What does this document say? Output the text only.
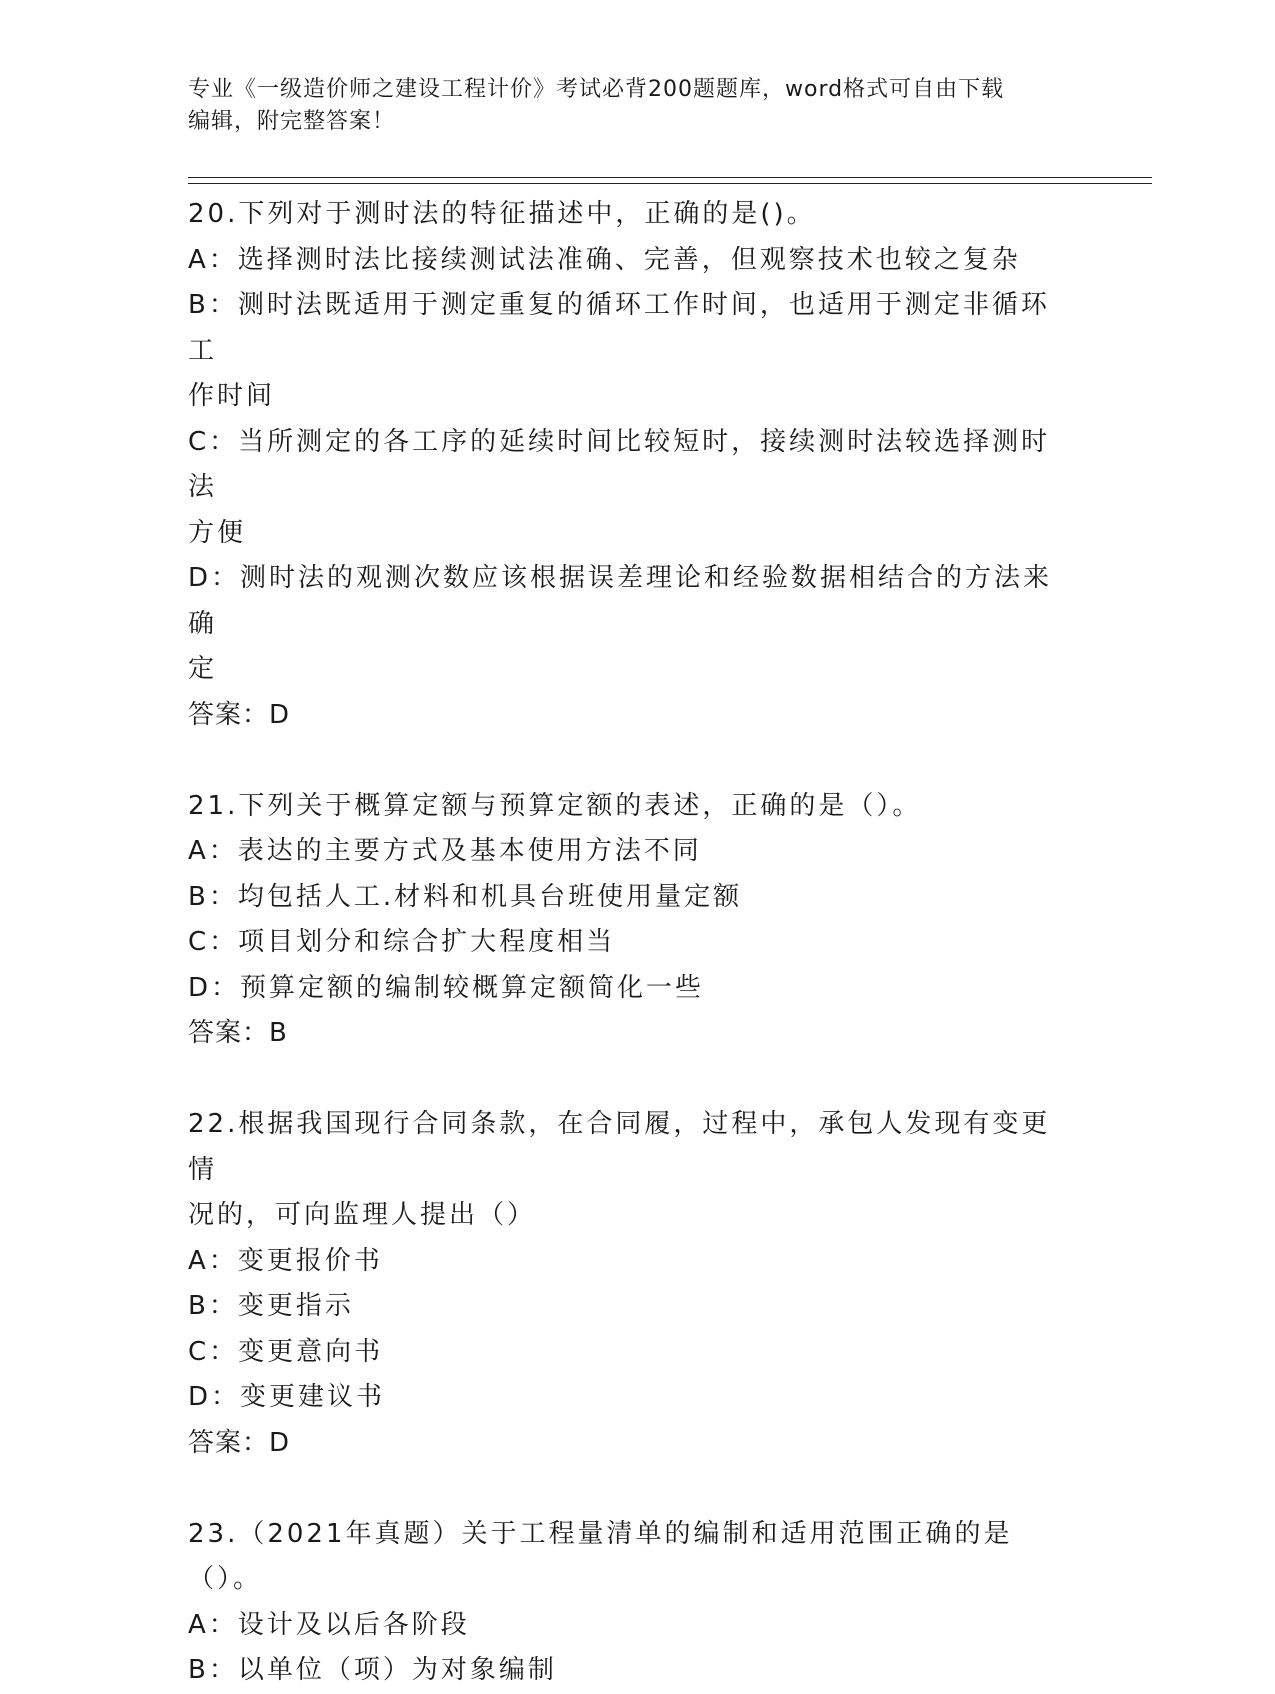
专业《一级造价师之建设工程计价》考试必背200题题库，word格式可自由下载
编辑，附完整答案！
20.下列对于测时法的特征描述中，正确的是()。
A：选择测时法比接续测试法准确、完善，但观察技术也较之复杂
B：测时法既适用于测定重复的循环工作时间，也适用于测定非循环工
作时间
C：当所测定的各工序的延续时间比较短时，接续测时法较选择测时法
方便
D：测时法的观测次数应该根据误差理论和经验数据相结合的方法来确
定
答案：D
21.下列关于概算定额与预算定额的表述，正确的是（）。
A：表达的主要方式及基本使用方法不同
B：均包括人工.材料和机具台班使用量定额
C：项目划分和综合扩大程度相当
D：预算定额的编制较概算定额简化一些
答案：B
22.根据我国现行合同条款，在合同履，过程中，承包人发现有变更情
况的，可向监理人提出（）
A：变更报价书
B：变更指示
C：变更意向书
D：变更建议书
答案：D
23.（2021年真题）关于工程量清单的编制和适用范围正确的是（）。
A：设计及以后各阶段
B：以单位（项）为对象编制
